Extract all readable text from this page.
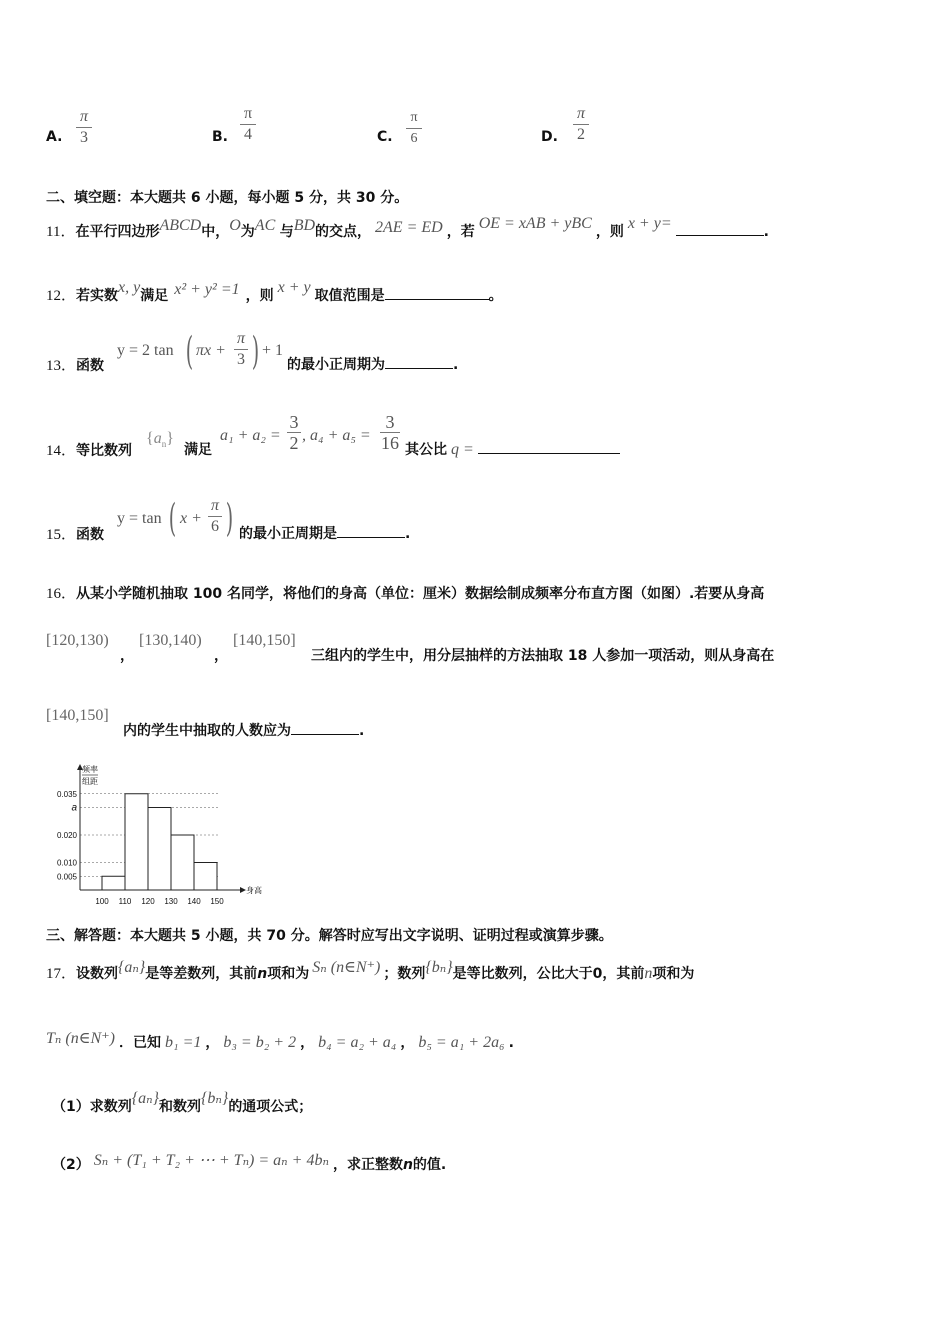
A.
π
3	B.
π
4	C.
π
6	D.
π
2
二、填空题：本大题共 6 小题，每小题 5 分，共 30 分。
11．在平行四边形ABCD中，O为AC 与BD的交点， 2AE = ED ，若 OE = xAB + yBC ，则 x + y=	.
12．若实数x, y满足 x² + y² =1 ，则 x + y 取值范围是	。
13．函数
y = 2 tan ( πx +
π
3 ) + 1
的最小正周期为	.
14．等比数列
$\{a_n\}$
满足
a₁ + a₂ =
3
2 , a₄ + a₅ =
3
16 其公比 q =
15．函数
y = tan ( x +
π
6 ) 的最小正周期是	.
16．从某小学随机抽取 100 名同学，将他们的身高（单位：厘米）数据绘制成频率分布直方图（如图）.若要从身高
[120,130)
，
[130,140)
，
[140,150]
三组内的学生中，用分层抽样的方法抽取 18 人参加一项活动，则从身高在
[140,150]
内的学生中抽取的人数应为	.
频率
组距
身高
0.035
a
0.020
0.010
0.005
100 110 120 130 140 150
三、解答题：本大题共 5 小题，共 70 分。解答时应写出文字说明、证明过程或演算步骤。
17．设数列{aₙ}是等差数列，其前n项和为 Sₙ (n∈N⁺) ；数列{bₙ}是等比数列，公比大于0，其前n项和为
Tₙ (n∈N⁺) ．已知 b₁ =1 ， b₃ = b₂ + 2 ， b₄ = a₂ + a₄ ， b₅ = a₁ + 2a₆ .
（1）求数列{aₙ}和数列{bₙ}的通项公式；
（2） Sₙ + (T₁ + T₂ + ⋯ + Tₙ) = aₙ + 4bₙ ，求正整数n的值.
